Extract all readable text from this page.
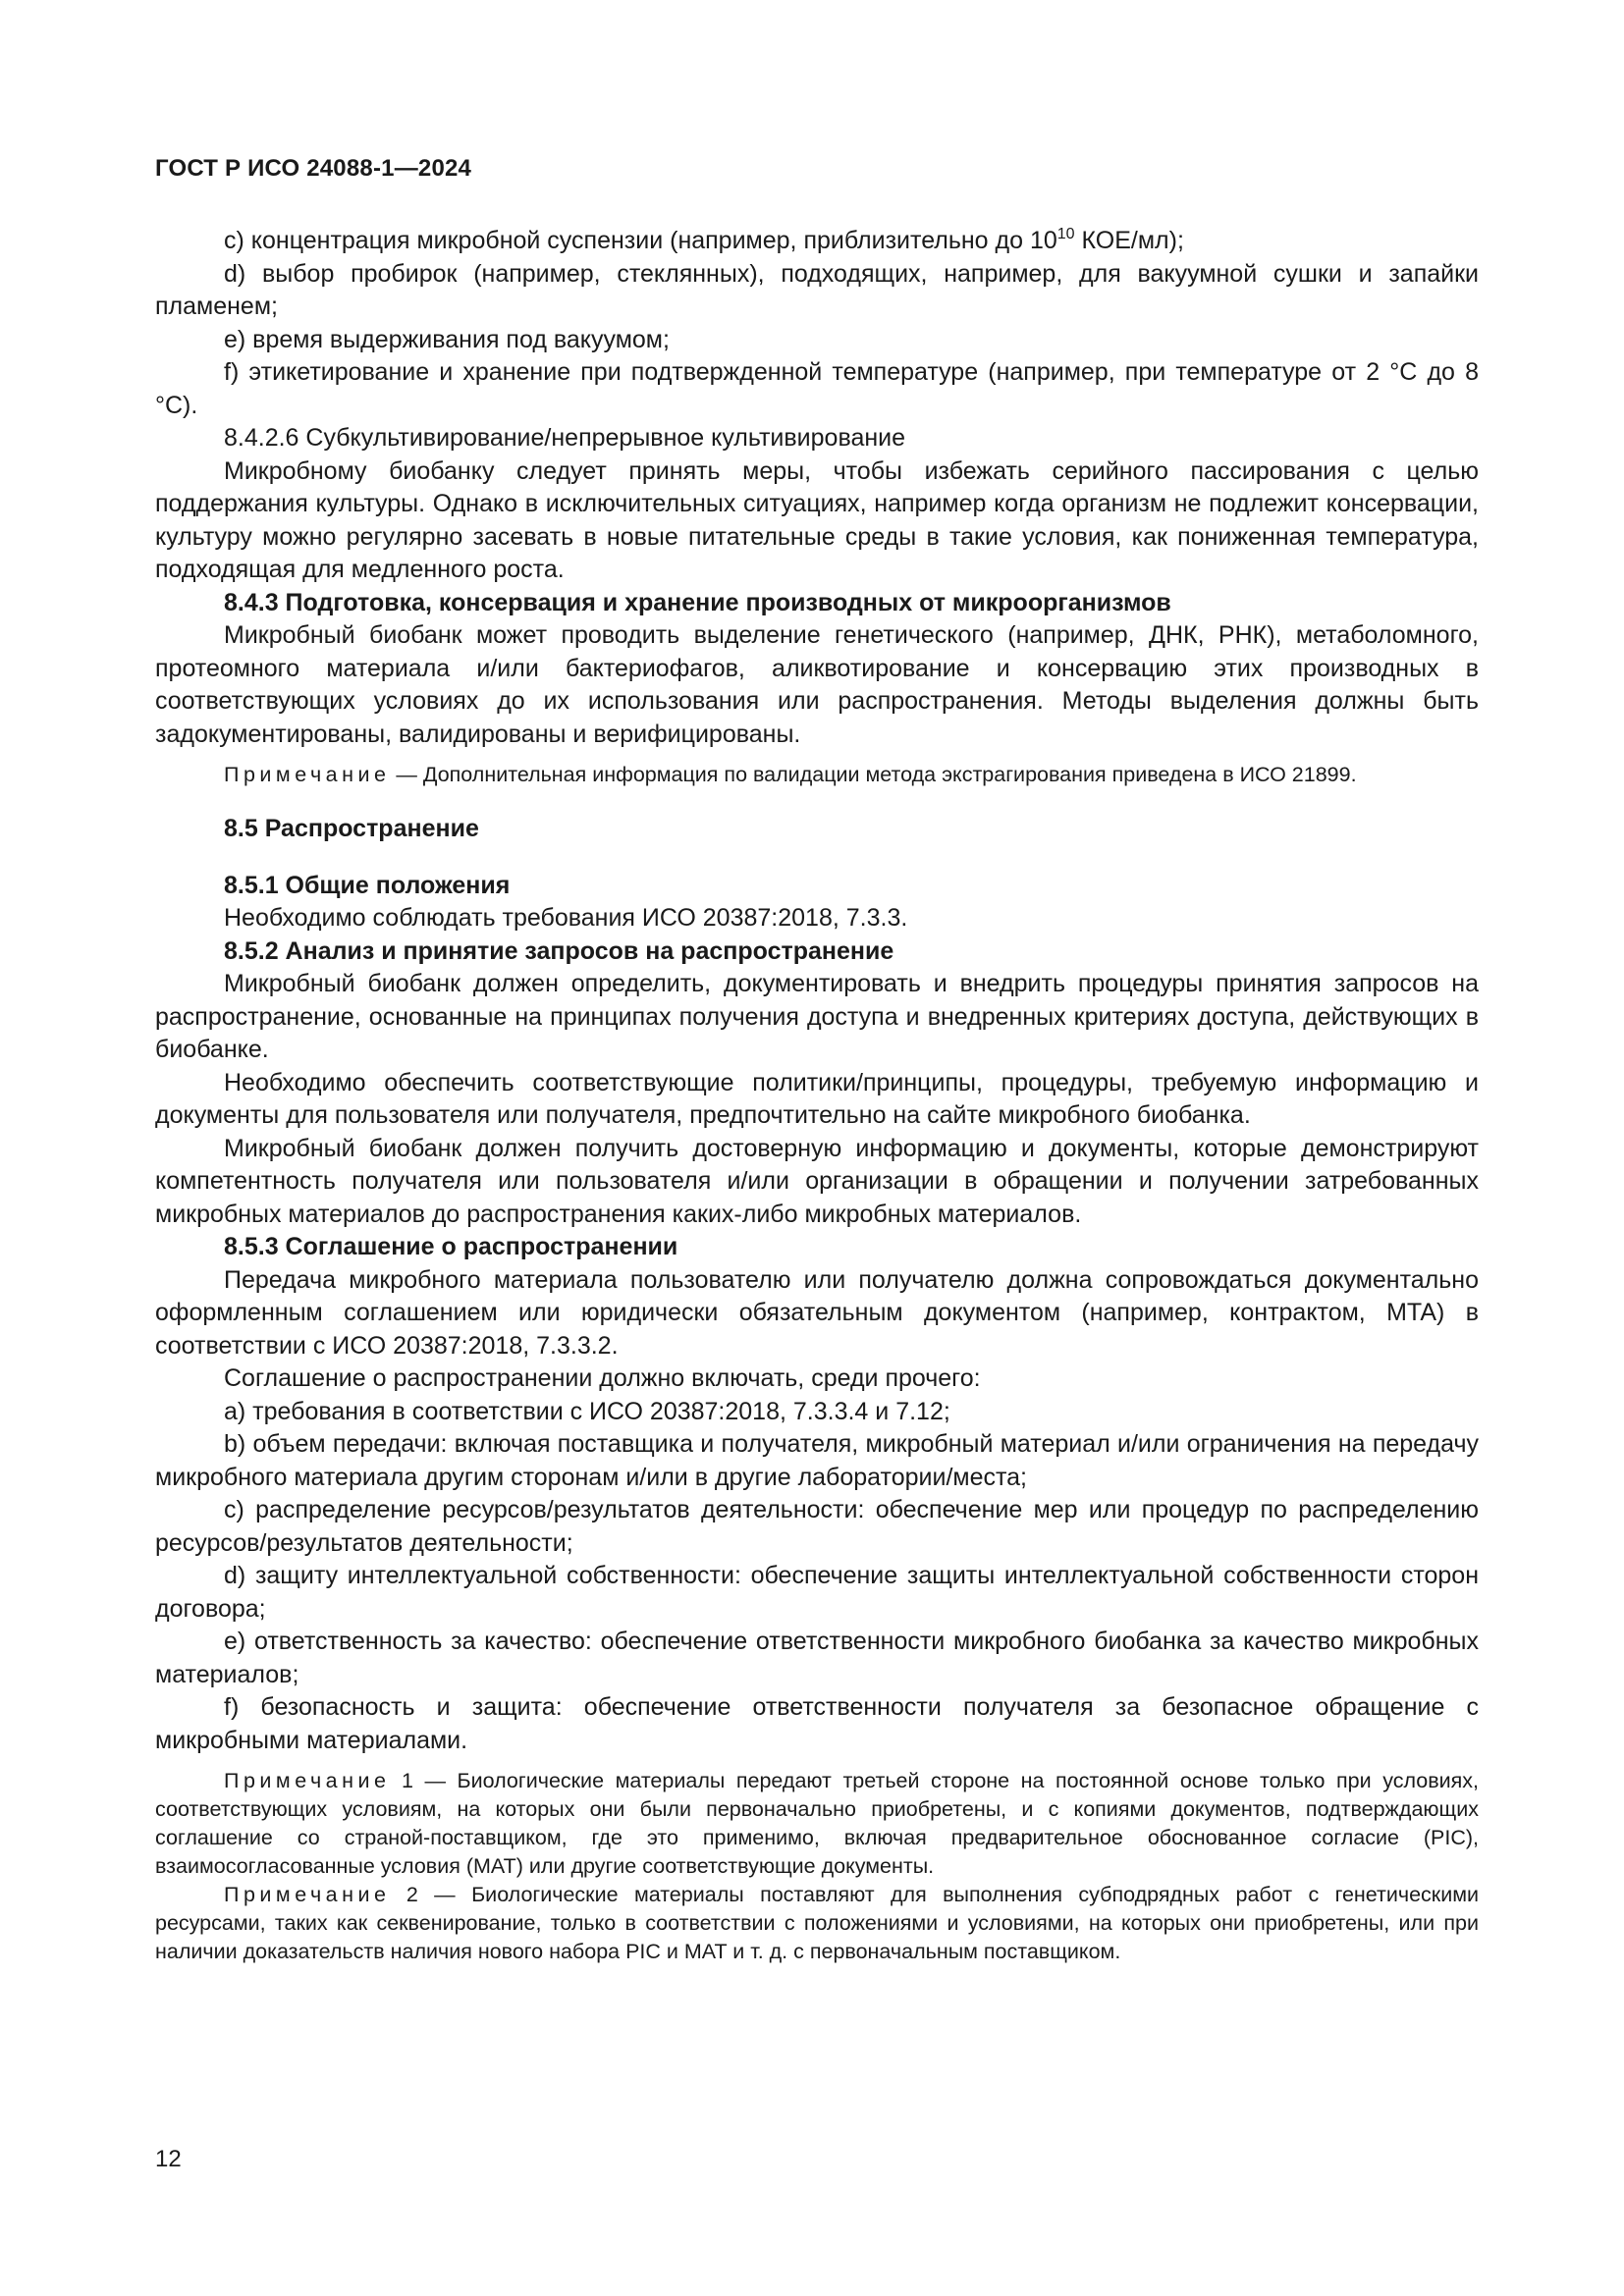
ГОСТ Р ИСО 24088-1—2024

c) концентрация микробной суспензии (например, приблизительно до $10^{10}$ КОЕ/мл);

d) выбор пробирок (например, стеклянных), подходящих, например, для вакуумной сушки и запайки пламенем;

e) время выдерживания под вакуумом;

f) этикетирование и хранение при подтвержденной температуре (например, при температуре от 2 °C до 8 °C).

8.4.2.6 Субкультивирование/непрерывное культивирование

Микробному биобанку следует принять меры, чтобы избежать серийного пассирования с целью поддержания культуры. Однако в исключительных ситуациях, например когда организм не подлежит консервации, культуру можно регулярно засевать в новые питательные среды в такие условия, как пониженная температура, подходящая для медленного роста.

8.4.3 Подготовка, консервация и хранение производных от микроорганизмов

Микробный биобанк может проводить выделение генетического (например, ДНК, РНК), метаболомного, протеомного материала и/или бактериофагов, аликвотирование и консервацию этих производных в соответствующих условиях до их использования или распространения. Методы выделения должны быть задокументированы, валидированы и верифицированы.

Примечание — Дополнительная информация по валидации метода экстрагирования приведена в ИСО 21899.

8.5 Распространение

8.5.1 Общие положения

Необходимо соблюдать требования ИСО 20387:2018, 7.3.3.

8.5.2 Анализ и принятие запросов на распространение

Микробный биобанк должен определить, документировать и внедрить процедуры принятия запросов на распространение, основанные на принципах получения доступа и внедренных критериях доступа, действующих в биобанке.

Необходимо обеспечить соответствующие политики/принципы, процедуры, требуемую информацию и документы для пользователя или получателя, предпочтительно на сайте микробного биобанка.

Микробный биобанк должен получить достоверную информацию и документы, которые демонстрируют компетентность получателя или пользователя и/или организации в обращении и получении затребованных микробных материалов до распространения каких-либо микробных материалов.

8.5.3 Соглашение о распространении

Передача микробного материала пользователю или получателю должна сопровождаться документально оформленным соглашением или юридически обязательным документом (например, контрактом, MTA) в соответствии с ИСО 20387:2018, 7.3.3.2.

Соглашение о распространении должно включать, среди прочего:

a) требования в соответствии с ИСО 20387:2018, 7.3.3.4 и 7.12;

b) объем передачи: включая поставщика и получателя, микробный материал и/или ограничения на передачу микробного материала другим сторонам и/или в другие лаборатории/места;

c) распределение ресурсов/результатов деятельности: обеспечение мер или процедур по распределению ресурсов/результатов деятельности;

d) защиту интеллектуальной собственности: обеспечение защиты интеллектуальной собственности сторон договора;

e) ответственность за качество: обеспечение ответственности микробного биобанка за качество микробных материалов;

f) безопасность и защита: обеспечение ответственности получателя за безопасное обращение с микробными материалами.

Примечание 1 — Биологические материалы передают третьей стороне на постоянной основе только при условиях, соответствующих условиям, на которых они были первоначально приобретены, и с копиями документов, подтверждающих соглашение со страной-поставщиком, где это применимо, включая предварительное обоснованное согласие (PIC), взаимосогласованные условия (MAT) или другие соответствующие документы.

Примечание 2 — Биологические материалы поставляют для выполнения субподрядных работ с генетическими ресурсами, таких как секвенирование, только в соответствии с положениями и условиями, на которых они приобретены, или при наличии доказательств наличия нового набора PIC и MAT и т. д. с первоначальным поставщиком.

12
